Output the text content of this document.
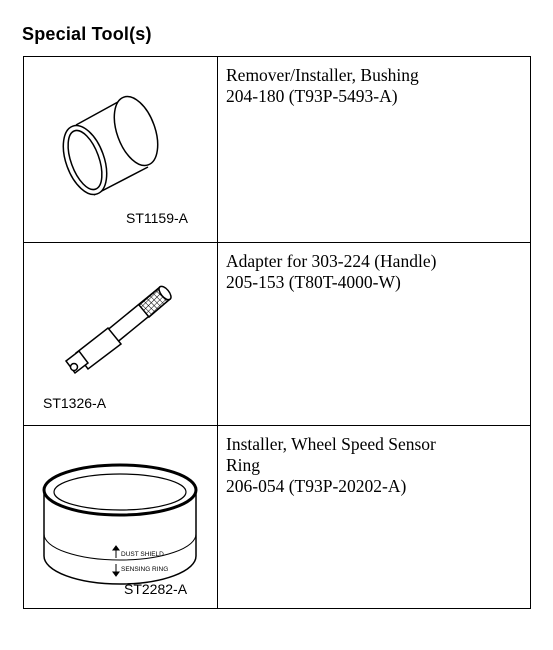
Special Tool(s)
ST1159-A
Remover/Installer, Bushing
204-180 (T93P-5493-A)
ST1326-A
Adapter for 303-224 (Handle)
205-153 (T80T-4000-W)
DUST SHIELD
SENSING RING
ST2282-A
Installer, Wheel Speed Sensor
Ring
206-054 (T93P-20202-A)
